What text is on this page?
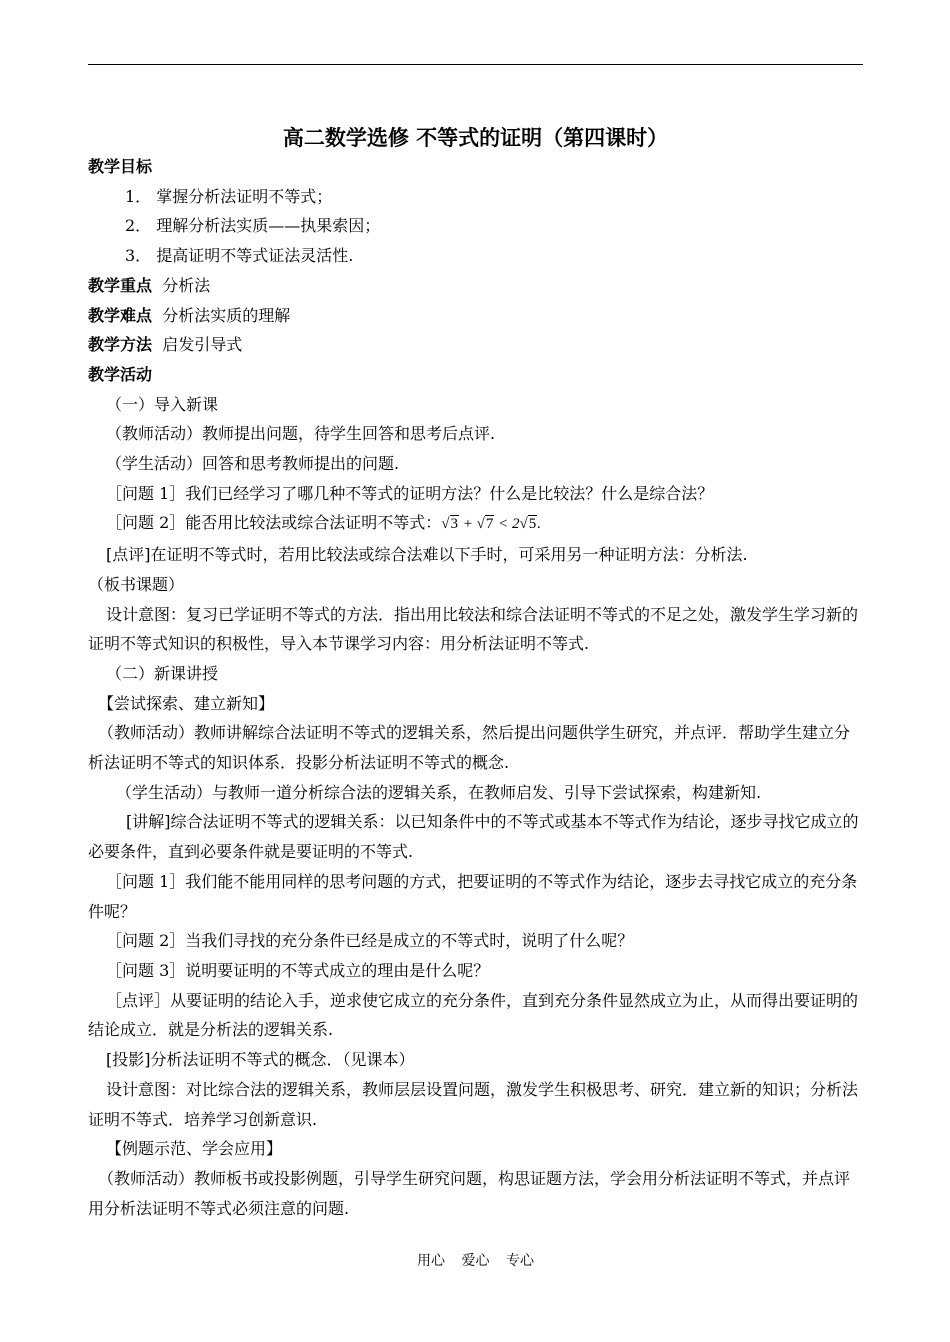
高二数学选修 不等式的证明（第四课时）

教学目标

1． 掌握分析法证明不等式；

2． 理解分析法实质——执果索因；

3． 提高证明不等式证法灵活性.

教学重点 分析法

教学难点 分析法实质的理解

教学方法 启发引导式

教学活动

（一）导入新课

（教师活动）教师提出问题，待学生回答和思考后点评.

（学生活动）回答和思考教师提出的问题.

［问题 1］我们已经学习了哪几种不等式的证明方法？什么是比较法？什么是综合法？

［问题 2］能否用比较法或综合法证明不等式：√3 + √7 < 2√5.

[点评]在证明不等式时，若用比较法或综合法难以下手时，可采用另一种证明方法：分析法.

（板书课题）

设计意图：复习已学证明不等式的方法．指出用比较法和综合法证明不等式的不足之处，激发学生学习新的证明不等式知识的积极性，导入本节课学习内容：用分析法证明不等式.

（二）新课讲授

【尝试探索、建立新知】

（教师活动）教师讲解综合法证明不等式的逻辑关系，然后提出问题供学生研究，并点评．帮助学生建立分析法证明不等式的知识体系．投影分析法证明不等式的概念.

（学生活动）与教师一道分析综合法的逻辑关系，在教师启发、引导下尝试探索，构建新知.

[讲解]综合法证明不等式的逻辑关系：以已知条件中的不等式或基本不等式作为结论，逐步寻找它成立的必要条件，直到必要条件就是要证明的不等式.

［问题 1］我们能不能用同样的思考问题的方式，把要证明的不等式作为结论，逐步去寻找它成立的充分条件呢？

［问题 2］当我们寻找的充分条件已经是成立的不等式时，说明了什么呢？

［问题 3］说明要证明的不等式成立的理由是什么呢？

［点评］从要证明的结论入手，逆求使它成立的充分条件，直到充分条件显然成立为止，从而得出要证明的结论成立．就是分析法的逻辑关系.

[投影]分析法证明不等式的概念．（见课本）

设计意图：对比综合法的逻辑关系，教师层层设置问题，激发学生积极思考、研究．建立新的知识；分析法证明不等式．培养学习创新意识.

【例题示范、学会应用】

（教师活动）教师板书或投影例题，引导学生研究问题，构思证题方法，学会用分析法证明不等式，并点评用分析法证明不等式必须注意的问题.

用心 爱心 专心
